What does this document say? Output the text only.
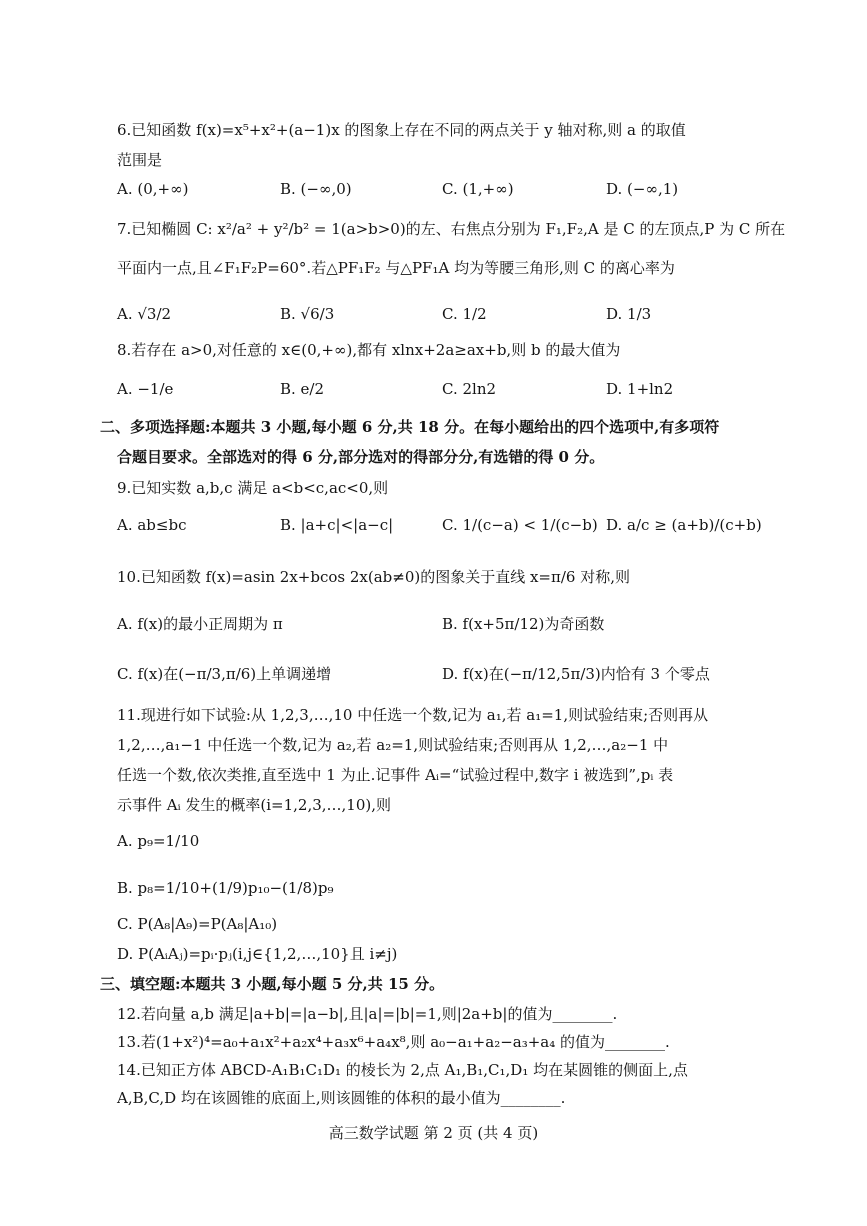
6.已知函数 f(x)=x⁵+x²+(a−1)x 的图象上存在不同的两点关于 y 轴对称,则 a 的取值
范围是
A. (0,+∞)	B. (−∞,0)	C. (1,+∞)	D. (−∞,1)
7.已知椭圆 C: x²/a² + y²/b² = 1(a>b>0)的左、右焦点分别为 F₁,F₂,A 是 C 的左顶点,P 为 C 所在
平面内一点,且∠F₁F₂P=60°.若△PF₁F₂ 与△PF₁A 均为等腰三角形,则 C 的离心率为
A. √3/2	B. √6/3	C. 1/2	D. 1/3
8.若存在 a>0,对任意的 x∈(0,+∞),都有 xlnx+2a≥ax+b,则 b 的最大值为
A. −1/e	B. e/2	C. 2ln2	D. 1+ln2
二、多项选择题:本题共 3 小题,每小题 6 分,共 18 分。在每小题给出的四个选项中,有多项符
合题目要求。全部选对的得 6 分,部分选对的得部分分,有选错的得 0 分。
9.已知实数 a,b,c 满足 a<b<c,ac<0,则
A. ab≤bc	B. |a+c|<|a−c|	C. 1/(c−a) < 1/(c−b) D. a/c ≥ (a+b)/(c+b)
10.已知函数 f(x)=asin 2x+bcos 2x(ab≠0)的图象关于直线 x=π/6 对称,则
A. f(x)的最小正周期为 π	B. f(x+5π/12)为奇函数
C. f(x)在(−π/3,π/6)上单调递增	D. f(x)在(−π/12,5π/3)内恰有 3 个零点
11.现进行如下试验:从 1,2,3,…,10 中任选一个数,记为 a₁,若 a₁=1,则试验结束;否则再从
1,2,…,a₁−1 中任选一个数,记为 a₂,若 a₂=1,则试验结束;否则再从 1,2,…,a₂−1 中
任选一个数,依次类推,直至选中 1 为止.记事件 Aᵢ=“试验过程中,数字 i 被选到”,pᵢ 表
示事件 Aᵢ 发生的概率(i=1,2,3,…,10),则
A. p₉=1/10
B. p₈=1/10+(1/9)p₁₀−(1/8)p₉
C. P(A₈|A₉)=P(A₈|A₁₀)
D. P(AᵢAⱼ)=pᵢ·pⱼ(i,j∈{1,2,…,10}且 i≠j)
三、填空题:本题共 3 小题,每小题 5 分,共 15 分。
12.若向量 a,b 满足|a+b|=|a−b|,且|a|=|b|=1,则|2a+b|的值为________.
13.若(1+x²)⁴=a₀+a₁x²+a₂x⁴+a₃x⁶+a₄x⁸,则 a₀−a₁+a₂−a₃+a₄ 的值为________.
14.已知正方体 ABCD-A₁B₁C₁D₁ 的棱长为 2,点 A₁,B₁,C₁,D₁ 均在某圆锥的侧面上,点
A,B,C,D 均在该圆锥的底面上,则该圆锥的体积的最小值为________.
高三数学试题 第 2 页 (共 4 页)
